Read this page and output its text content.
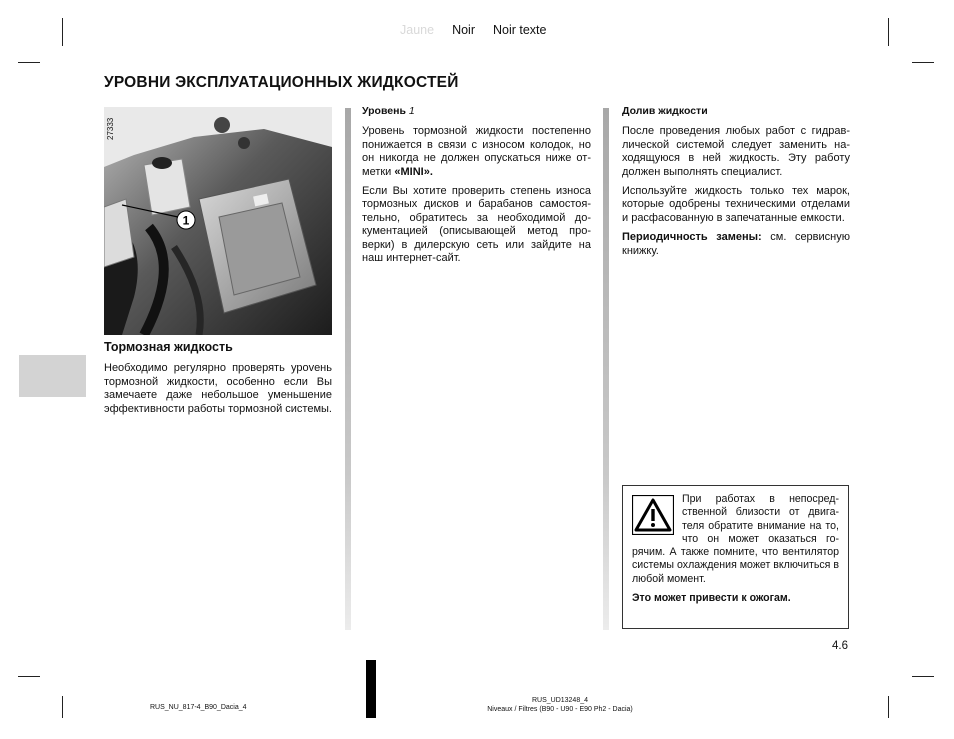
Jaune Noir Noir texte
УРОВНИ ЭКСПЛУАТАЦИОННЫХ ЖИДКОСТЕЙ
1
27333
Тормозная жидкость

Необходимо регулярно проверять уроvень тормозной жидкости, особенно если Вы замечаете даже небольшое уменьшение эффективности работы тормозной системы.

Уровень 1

Уровень тормозной жидкости постепенно понижается в связи с износом колодок, но он никогда не должен опускаться ниже отметки «MINI».

Если Вы хотите проверить степень износа тормозных дисков и барабанов самостоятельно, обратитесь за необходимой документацией (описывающей метод проверки) в дилерскую сеть или зайдите на наш интернет-сайт.

Долив жидкости

После проведения любых работ с гидравлической системой следует заменить находящуюся в ней жидкость. Эту работу должен выполнять специалист.

Используйте жидкость только тех марок, которые одобрены техническими отделами и расфасованную в запечатанные емкости.

Периодичность замены: см. сервисную книжку.

При работах в непосредственной близости от двигателя обратите внимание на то, что он может оказаться горячим. А также помните, что вентилятор системы охлаждения может включиться в любой момент.

Это может привести к ожогам.

4.6
RUS_NU_817-4_B90_Dacia_4
RUS_UD13248_4
Niveaux / Filtres (B90 - U90 - E90 Ph2 - Dacia)
